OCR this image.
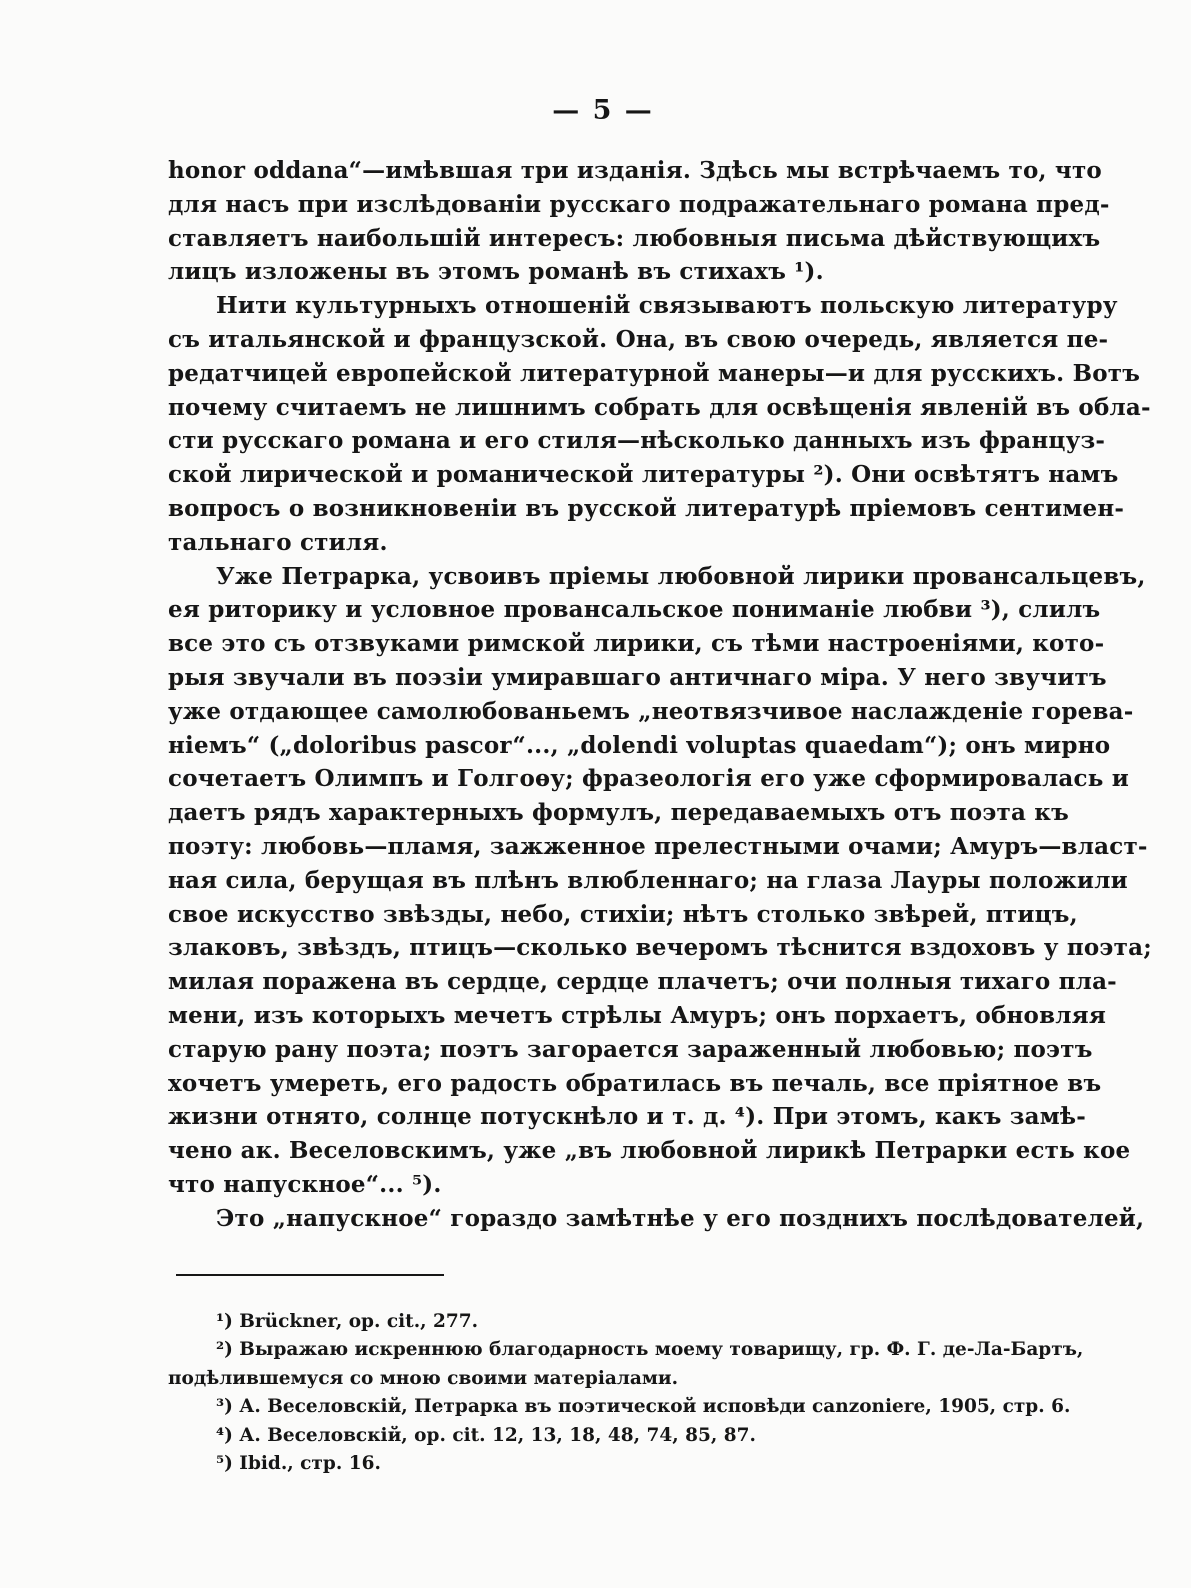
— 5 —
honor oddana“—имѣвшая три изданія. Здѣсь мы встрѣчаемъ то, что
для насъ при изслѣдованіи русскаго подражательнаго романа пред-
ставляетъ наибольшій интересъ: любовныя письма дѣйствующихъ
лицъ изложены въ этомъ романѣ въ стихахъ ¹).
Нити культурныхъ отношеній связываютъ польскую литературу
съ итальянской и французской. Она, въ свою очередь, является пе-
редатчицей европейской литературной манеры—и для русскихъ. Вотъ
почему считаемъ не лишнимъ собрать для освѣщенія явленій въ обла-
сти русскаго романа и его стиля—нѣсколько данныхъ изъ француз-
ской лирической и романической литературы ²). Они освѣтятъ намъ
вопросъ о возникновеніи въ русской литературѣ пріемовъ сентимен-
тальнаго стиля.
Уже Петрарка, усвоивъ пріемы любовной лирики провансальцевъ,
ея риторику и условное провансальское пониманіе любви ³), слилъ
все это съ отзвуками римской лирики, съ тѣми настроеніями, кото-
рыя звучали въ поэзіи умиравшаго античнаго міра. У него звучитъ
уже отдающее самолюбованьемъ „неотвязчивое наслажденіе горева-
ніемъ“ („doloribus pascor“..., „dolendi voluptas quaedam“); онъ мирно
сочетаетъ Олимпъ и Голгоѳу; фразеологія его уже сформировалась и
даетъ рядъ характерныхъ формулъ, передаваемыхъ отъ поэта къ
поэту: любовь—пламя, зажженное прелестными очами; Амуръ—власт-
ная сила, берущая въ плѣнъ влюбленнаго; на глаза Лауры положили
свое искусство звѣзды, небо, стихіи; нѣтъ столько звѣрей, птицъ,
злаковъ, звѣздъ, птицъ—сколько вечеромъ тѣснится вздоховъ у поэта;
милая поражена въ сердце, сердце плачетъ; очи полныя тихаго пла-
мени, изъ которыхъ мечетъ стрѣлы Амуръ; онъ порхаетъ, обновляя
старую рану поэта; поэтъ загорается зараженный любовью; поэтъ
хочетъ умереть, его радость обратилась въ печаль, все пріятное въ
жизни отнято, солнце потускнѣло и т. д. ⁴). При этомъ, какъ замѣ-
чено ак. Веселовскимъ, уже „въ любовной лирикѣ Петрарки есть кое
что напускное“... ⁵).
Это „напускное“ гораздо замѣтнѣе у его позднихъ послѣдователей,
¹) Brückner, op. cit., 277.
²) Выражаю искреннюю благодарность моему товарищу, гр. Ф. Г. де-Ла-Бартъ,
подѣлившемуся со мною своими матеріалами.
³) А. Веселовскій, Петрарка въ поэтической исповѣди canzoniere, 1905, стр. 6.
⁴) А. Веселовскій, op. cit. 12, 13, 18, 48, 74, 85, 87.
⁵) Ibid., стр. 16.
